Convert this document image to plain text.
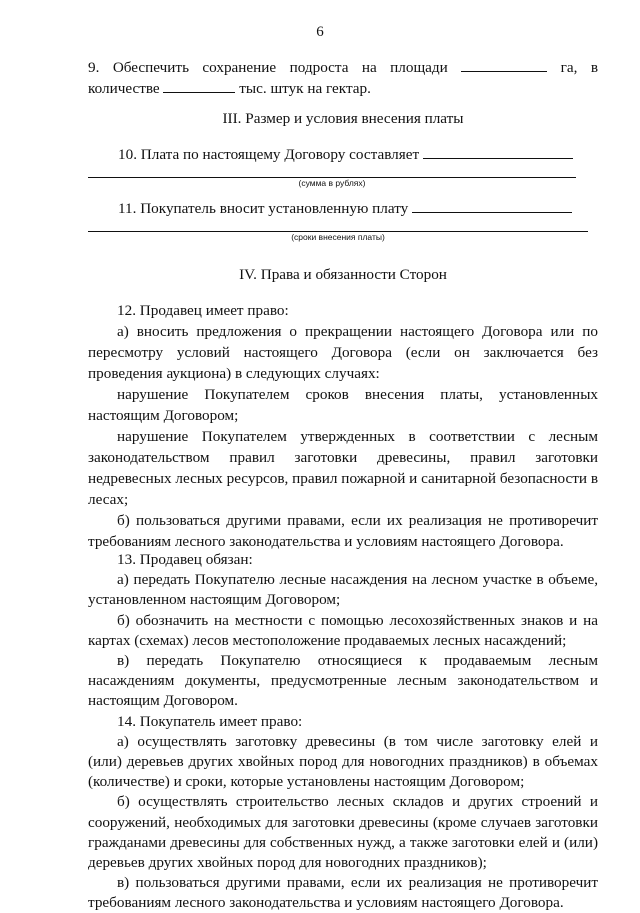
6
9. Обеспечить сохранение подроста на площади	га, в
количестве	тыс. штук на гектар.
III. Размер и условия внесения платы
10. Плата по настоящему Договору составляет
(сумма в рублях)
11. Покупатель вносит установленную плату
(сроки внесения платы)
IV. Права и обязанности Сторон
12. Продавец имеет право:
а) вносить предложения о прекращении настоящего Договора или по
пересмотру условий настоящего Договора (если он заключается без
проведения аукциона) в следующих случаях:
нарушение Покупателем сроков внесения платы, установленных
настоящим Договором;
нарушение Покупателем утвержденных в соответствии с лесным
законодательством правил заготовки древесины, правил заготовки
недревесных лесных ресурсов, правил пожарной и санитарной безопасности в
лесах;
б) пользоваться другими правами, если их реализация не противоречит
требованиям лесного законодательства и условиям настоящего Договора.
13. Продавец обязан:
а) передать Покупателю лесные насаждения на лесном участке в объеме,
установленном настоящим Договором;
б) обозначить на местности с помощью лесохозяйственных знаков и на
картах (схемах) лесов местоположение продаваемых лесных насаждений;
в) передать Покупателю относящиеся к продаваемым лесным
насаждениям документы, предусмотренные лесным законодательством и
настоящим Договором.
14. Покупатель имеет право:
а) осуществлять заготовку древесины (в том числе заготовку елей и
(или) деревьев других хвойных пород для новогодних праздников) в объемах
(количестве) и сроки, которые установлены настоящим Договором;
б) осуществлять строительство лесных складов и других строений и
сооружений, необходимых для заготовки древесины (кроме случаев заготовки
гражданами древесины для собственных нужд, а также заготовки елей и (или)
деревьев других хвойных пород для новогодних праздников);
в) пользоваться другими правами, если их реализация не противоречит
требованиям лесного законодательства и условиям настоящего Договора.
